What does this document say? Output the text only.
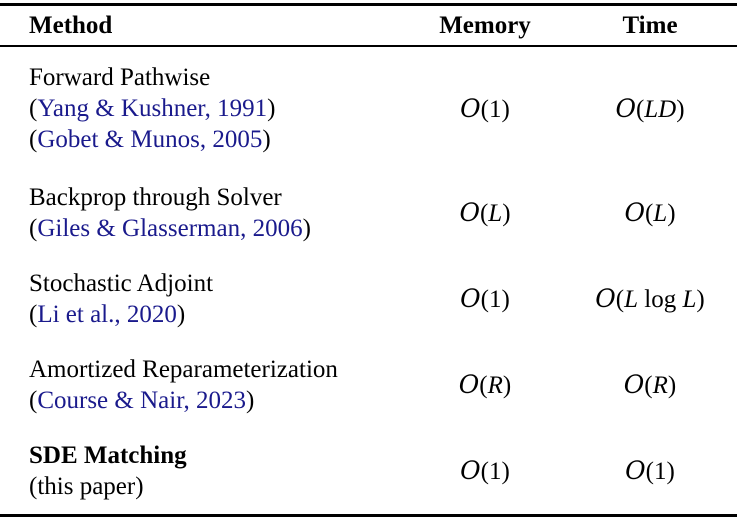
Method	Memory	Time
Forward Pathwise
(Yang & Kushner, 1991)
(Gobet & Munos, 2005)
O(1)	O(LD)
Backprop through Solver
(Giles & Glasserman, 2006)
O(L)	O(L)
Stochastic Adjoint
(Li et al., 2020)
O(1)	O(L log L)
Amortized Reparameterization
(Course & Nair, 2023)
O(R)	O(R)
SDE Matching
(this paper)
O(1)	O(1)
